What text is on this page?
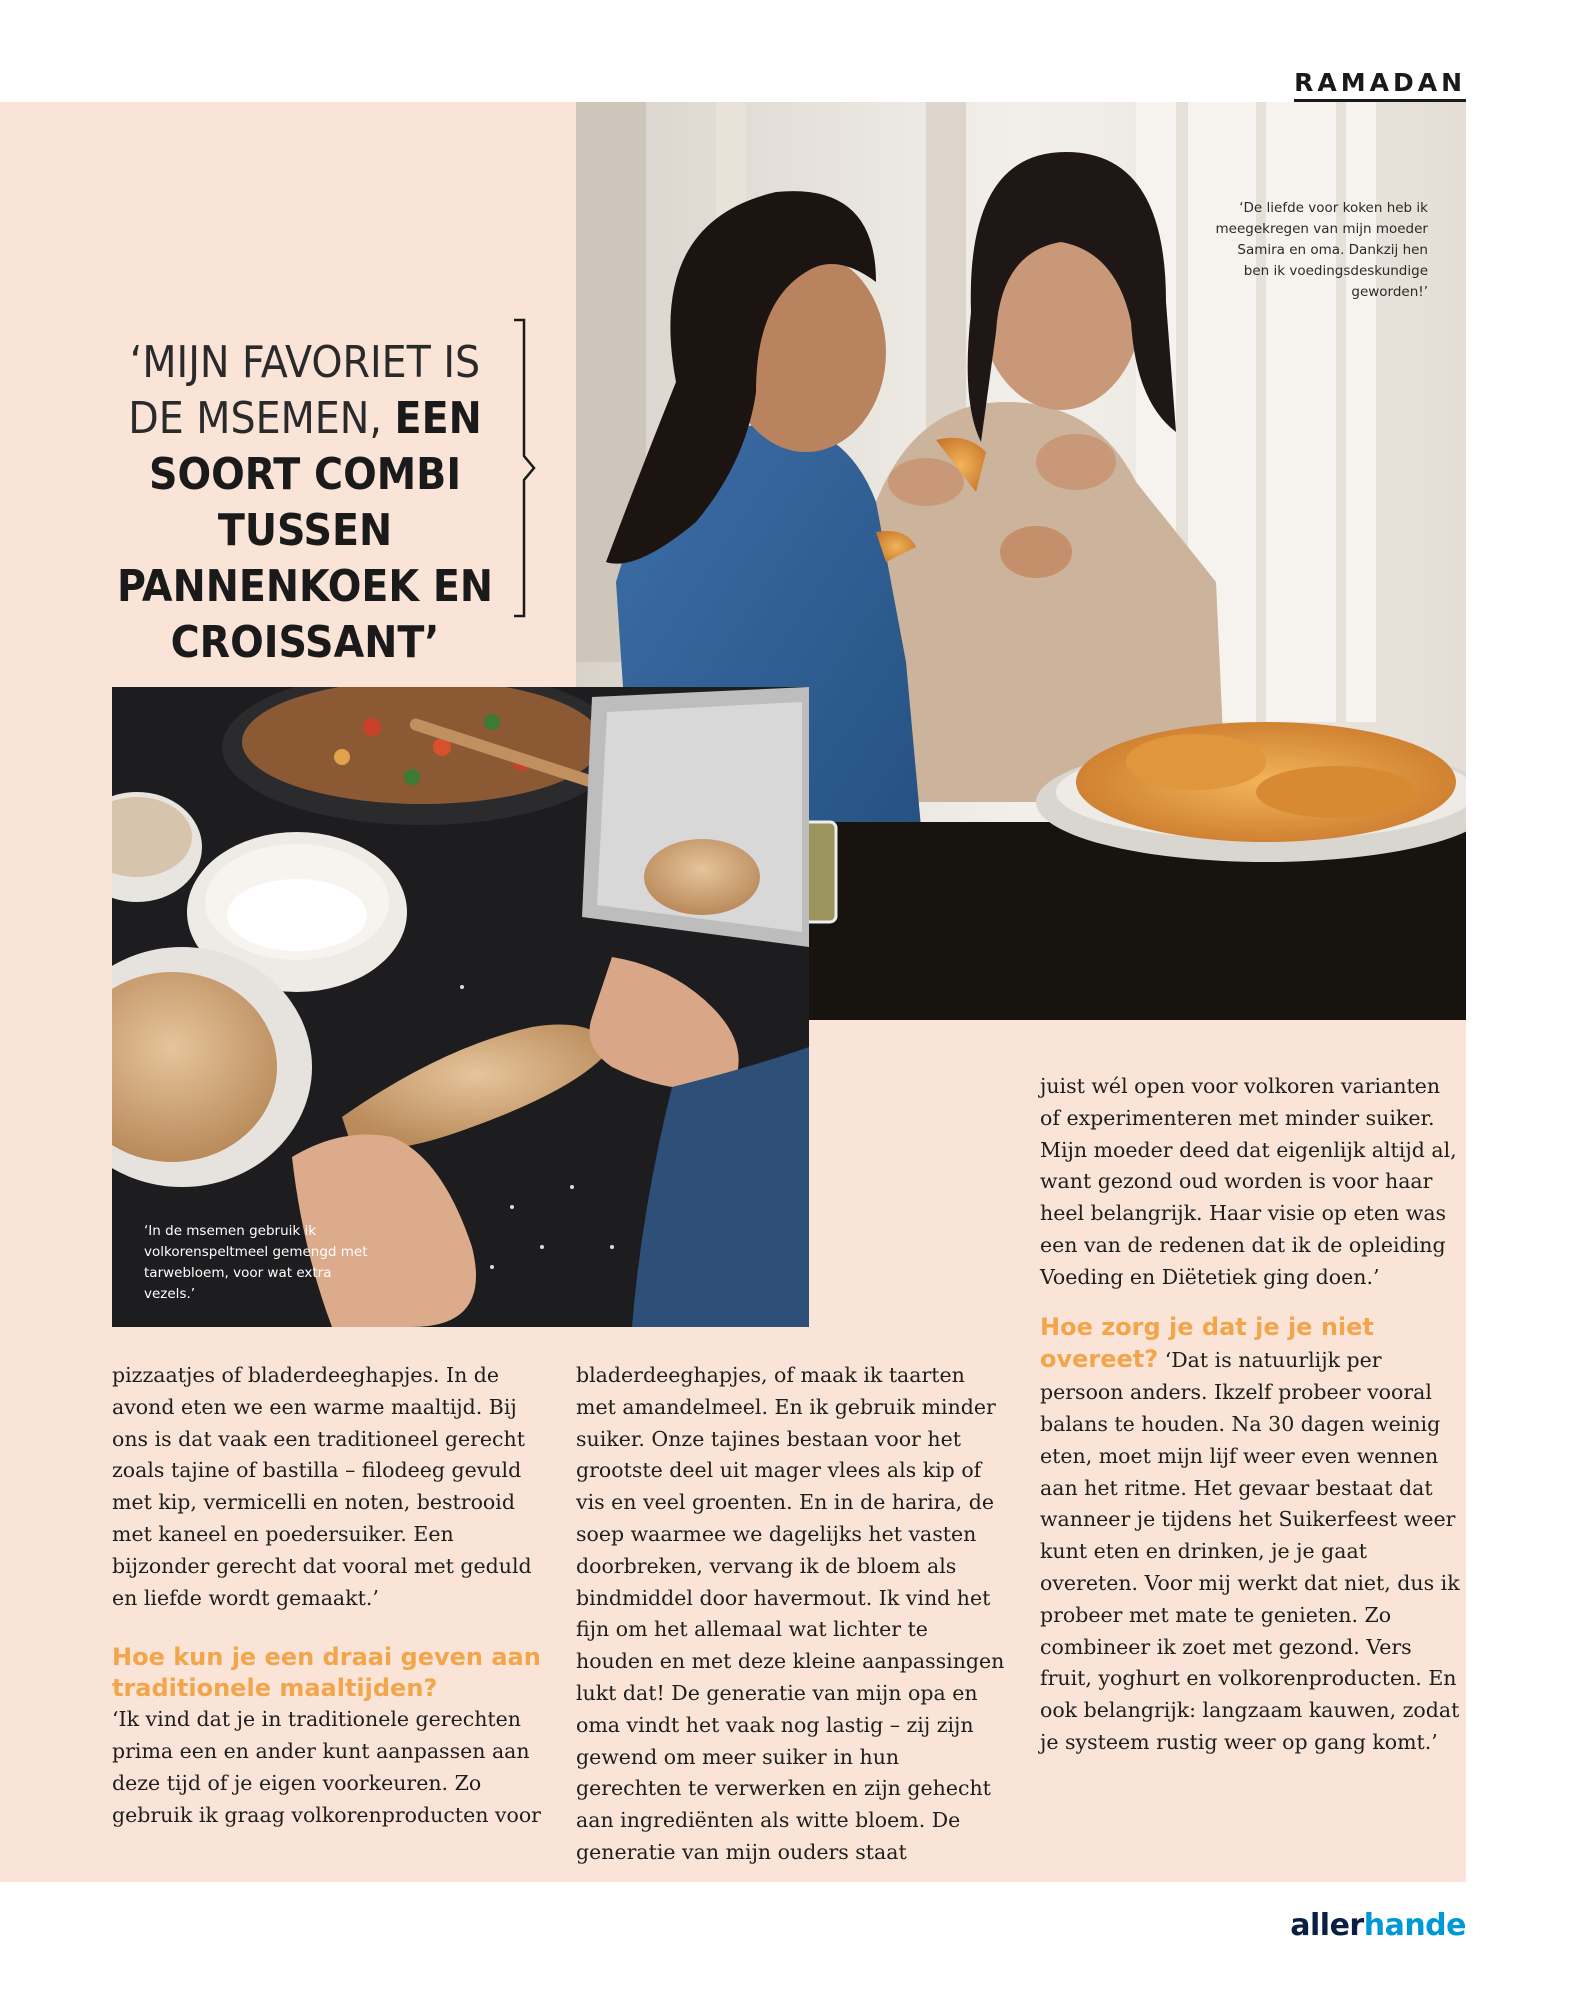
RAMADAN
‘MIJN FAVORIET IS DE MSEMEN, EEN SOORT COMBI TUSSEN PANNENKOEK EN CROISSANT’
‘De liefde voor koken heb ik meegekregen van mijn moeder Samira en oma. Dankzij hen ben ik voedingsdeskundige geworden!’
‘In de msemen gebruik ik volkorenspeltmeel gemengd met tarwebloem, voor wat extra vezels.’

pizzaatjes of bladerdeeghapjes. In de avond eten we een warme maaltijd. Bij ons is dat vaak een traditioneel gerecht zoals tajine of bastilla – filodeeg gevuld met kip, vermicelli en noten, bestrooid met kaneel en poedersuiker. Een bijzonder gerecht dat vooral met geduld en liefde wordt gemaakt.’

Hoe kun je een draai geven aan traditionele maaltijden?

‘Ik vind dat je in traditionele gerechten prima een en ander kunt aanpassen aan deze tijd of je eigen voorkeuren. Zo gebruik ik graag volkorenproducten voor

bladerdeeghapjes, of maak ik taarten met amandelmeel. En ik gebruik minder suiker. Onze tajines bestaan voor het grootste deel uit mager vlees als kip of vis en veel groenten. En in de harira, de soep waarmee we dagelijks het vasten doorbreken, vervang ik de bloem als bindmiddel door havermout. Ik vind het fijn om het allemaal wat lichter te houden en met deze kleine aanpassingen lukt dat! De generatie van mijn opa en oma vindt het vaak nog lastig – zij zijn gewend om meer suiker in hun gerechten te verwerken en zijn gehecht aan ingrediënten als witte bloem. De generatie van mijn ouders staat

juist wél open voor volkoren varianten of experimenteren met minder suiker. Mijn moeder deed dat eigenlijk altijd al, want gezond oud worden is voor haar heel belangrijk. Haar visie op eten was een van de redenen dat ik de opleiding Voeding en Diëtetiek ging doen.’

Hoe zorg je dat je je niet overeet? ‘Dat is natuurlijk per persoon anders. Ikzelf probeer vooral balans te houden. Na 30 dagen weinig eten, moet mijn lijf weer even wennen aan het ritme. Het gevaar bestaat dat wanneer je tijdens het Suikerfeest weer kunt eten en drinken, je je gaat overeten. Voor mij werkt dat niet, dus ik probeer met mate te genieten. Zo combineer ik zoet met gezond. Vers fruit, yoghurt en volkorenproducten. En ook belangrijk: langzaam kauwen, zodat je systeem rustig weer op gang komt.’

allerhande
